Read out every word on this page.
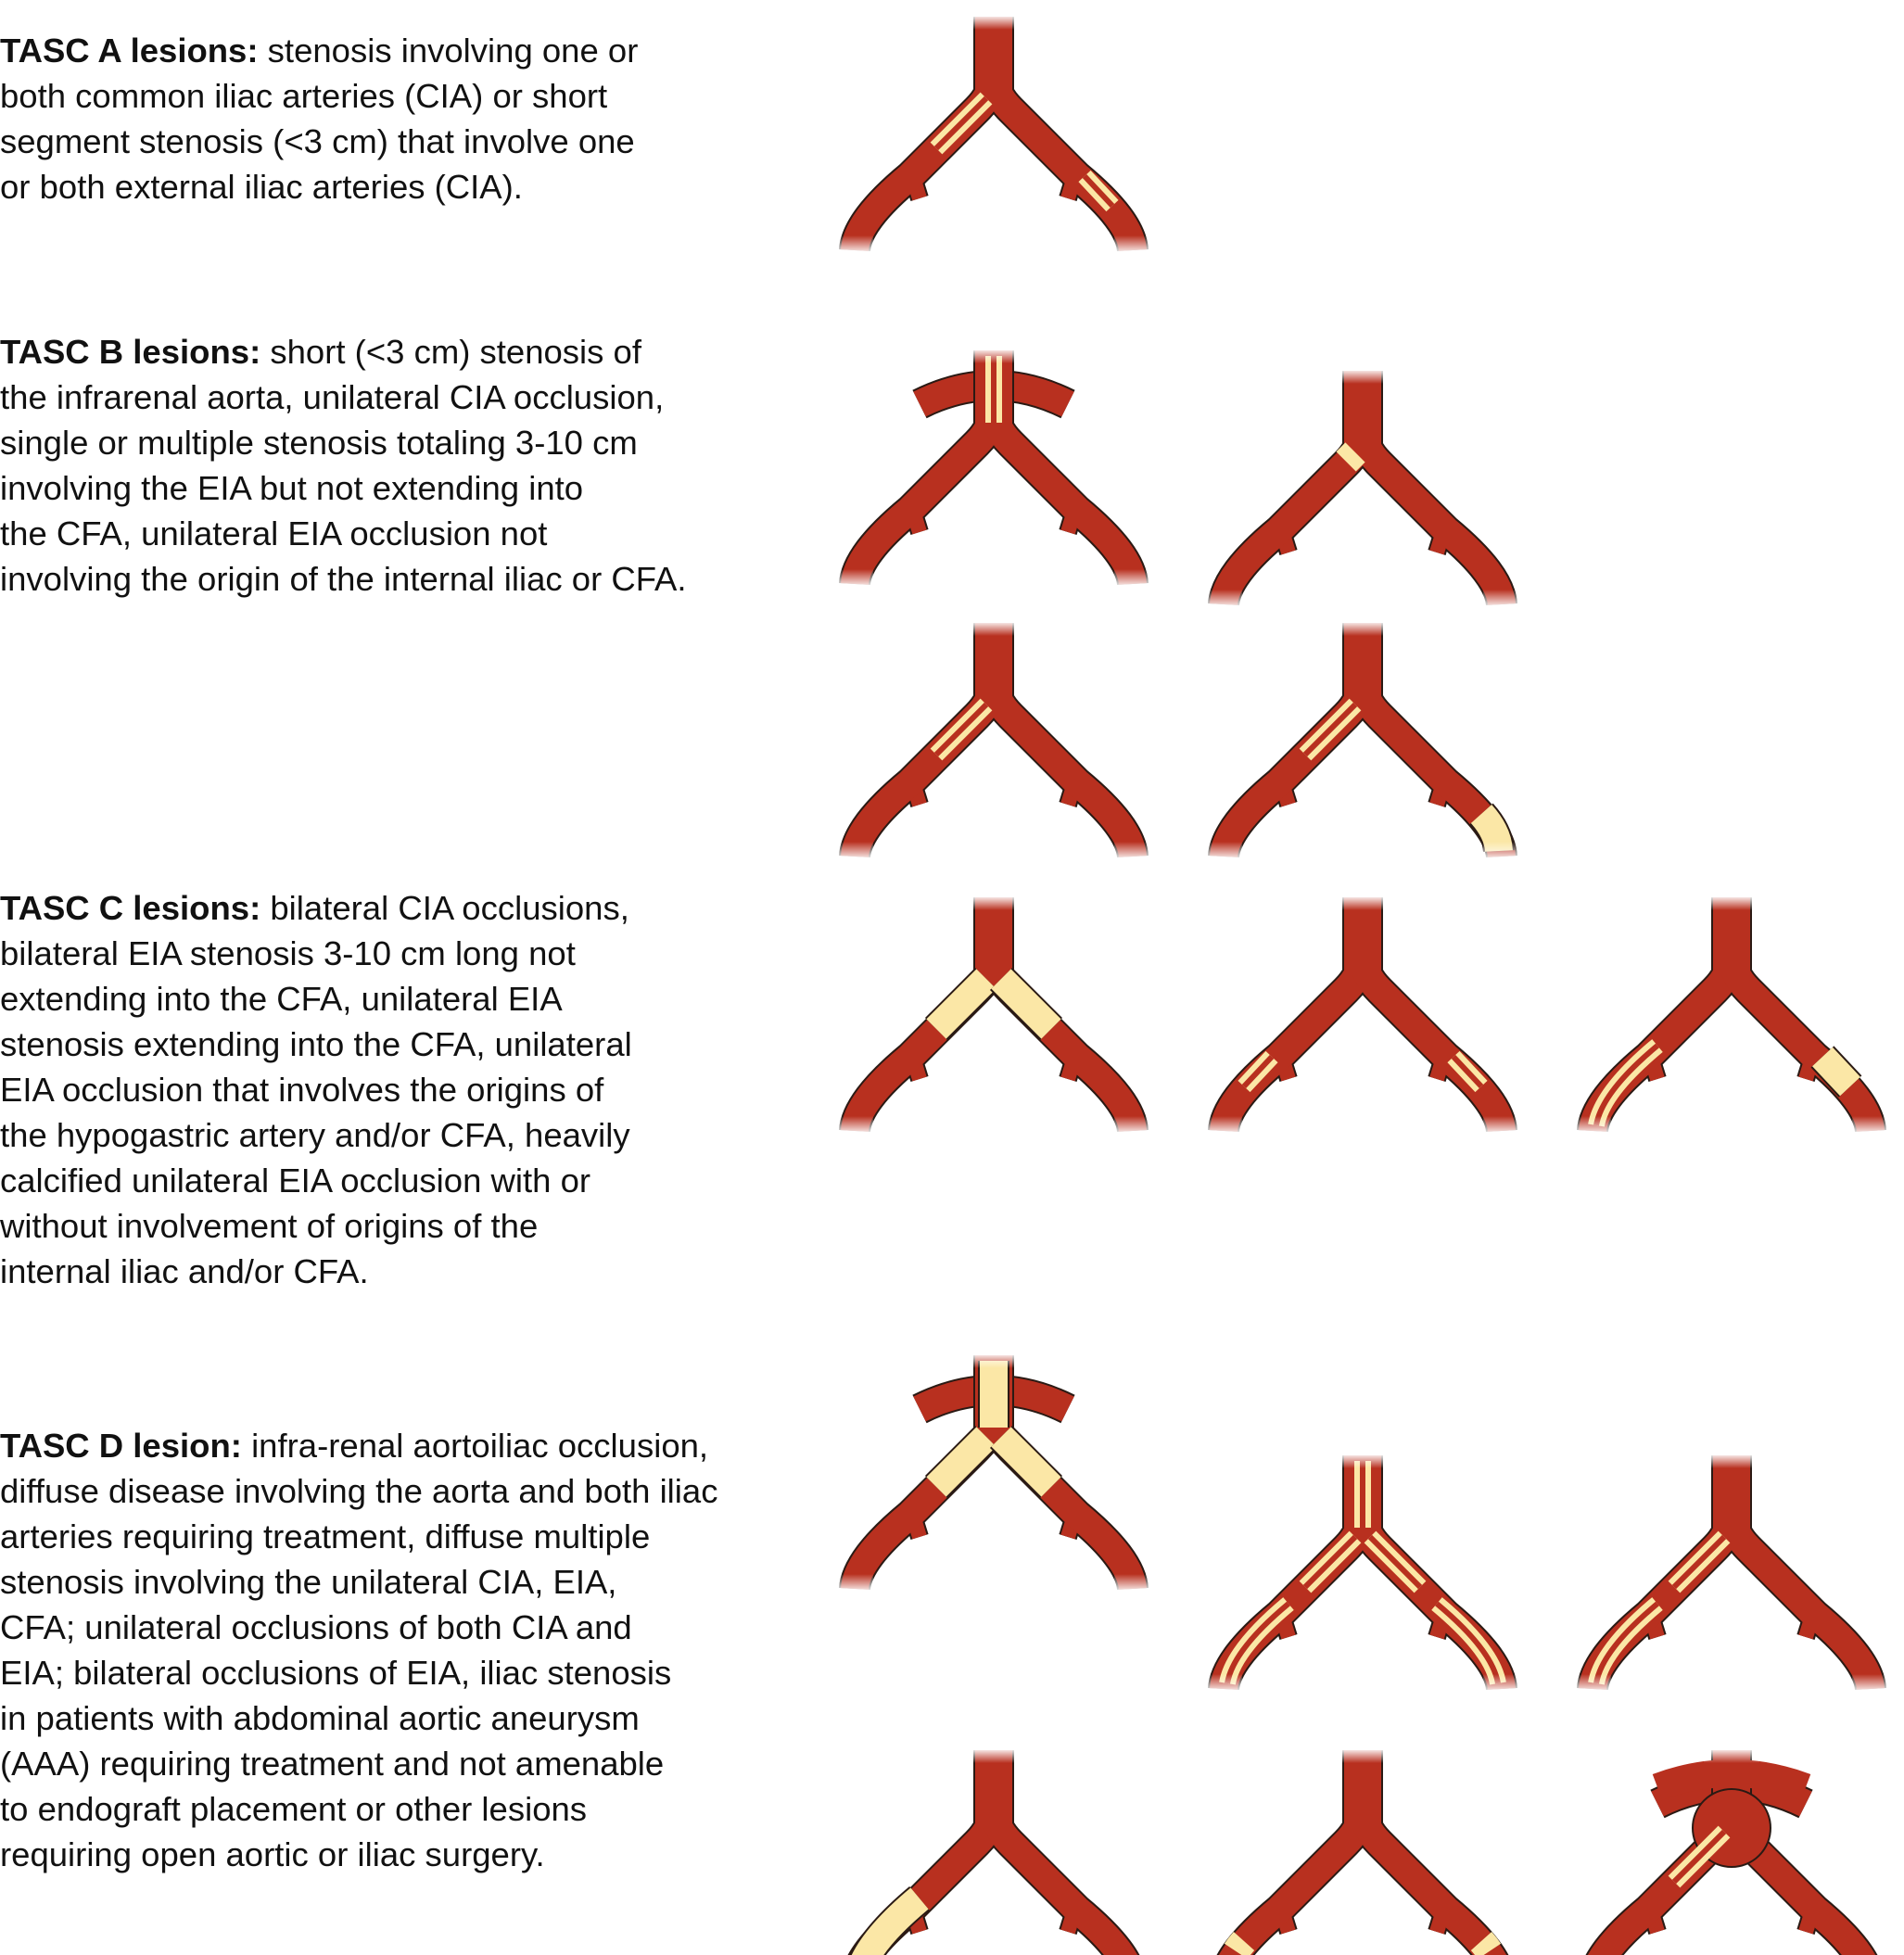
TASC A lesions: stenosis involving one or
both common iliac arteries (CIA) or short
segment stenosis (<3 cm) that involve one
or both external iliac arteries (CIA).
TASC B lesions: short (<3 cm) stenosis of
the infrarenal aorta, unilateral CIA occlusion,
single or multiple stenosis totaling 3-10 cm
involving the EIA but not extending into
the CFA, unilateral EIA occlusion not
involving the origin of the internal iliac or CFA.
TASC C lesions: bilateral CIA occlusions,
bilateral EIA stenosis 3-10 cm long not
extending into the CFA, unilateral EIA
stenosis extending into the CFA, unilateral
EIA occlusion that involves the origins of
the hypogastric artery and/or CFA, heavily
calcified unilateral EIA occlusion with or
without involvement of origins of the
internal iliac and/or CFA.
TASC D lesion: infra-renal aortoiliac occlusion,
diffuse disease involving the aorta and both iliac
arteries requiring treatment, diffuse multiple
stenosis involving the unilateral CIA, EIA,
CFA; unilateral occlusions of both CIA and
EIA; bilateral occlusions of EIA, iliac stenosis
in patients with abdominal aortic aneurysm
(AAA) requiring treatment and not amenable
to endograft placement or other lesions
requiring open aortic or iliac surgery.
